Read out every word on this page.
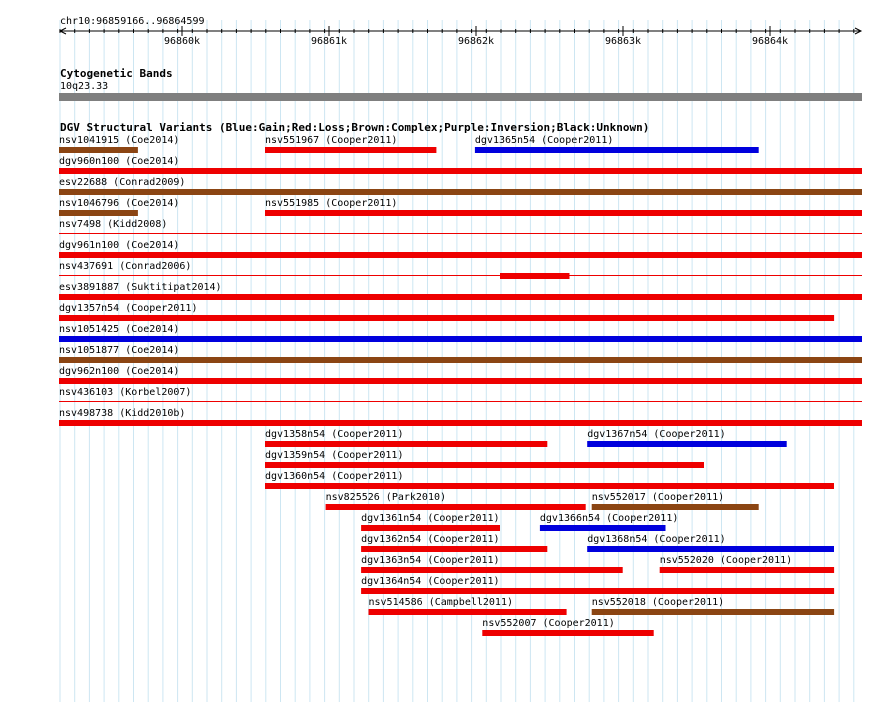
chr10:96859166..96864599
96860k	96861k	96862k	96863k	96864k
Cytogenetic Bands
10q23.33
DGV Structural Variants (Blue:Gain;Red:Loss;Brown:Complex;Purple:Inversion;Black:Unknown)
nsv1041915 (Coe2014)	nsv551967 (Cooper2011)	dgv1365n54 (Cooper2011)
dgv960n100 (Coe2014)
esv22688 (Conrad2009)
nsv1046796 (Coe2014)	nsv551985 (Cooper2011)
nsv7498 (Kidd2008)
dgv961n100 (Coe2014)
nsv437691 (Conrad2006)
esv3891887 (Suktitipat2014)
dgv1357n54 (Cooper2011)
nsv1051425 (Coe2014)
nsv1051877 (Coe2014)
dgv962n100 (Coe2014)
nsv436103 (Korbel2007)
nsv498738 (Kidd2010b)
dgv1358n54 (Cooper2011)	dgv1367n54 (Cooper2011)
dgv1359n54 (Cooper2011)
dgv1360n54 (Cooper2011)
nsv825526 (Park2010)	nsv552017 (Cooper2011)
dgv1361n54 (Cooper2011)	dgv1366n54 (Cooper2011)
dgv1362n54 (Cooper2011)	dgv1368n54 (Cooper2011)
dgv1363n54 (Cooper2011)	nsv552020 (Cooper2011)
dgv1364n54 (Cooper2011)
nsv514586 (Campbell2011)	nsv552018 (Cooper2011)
nsv552007 (Cooper2011)
